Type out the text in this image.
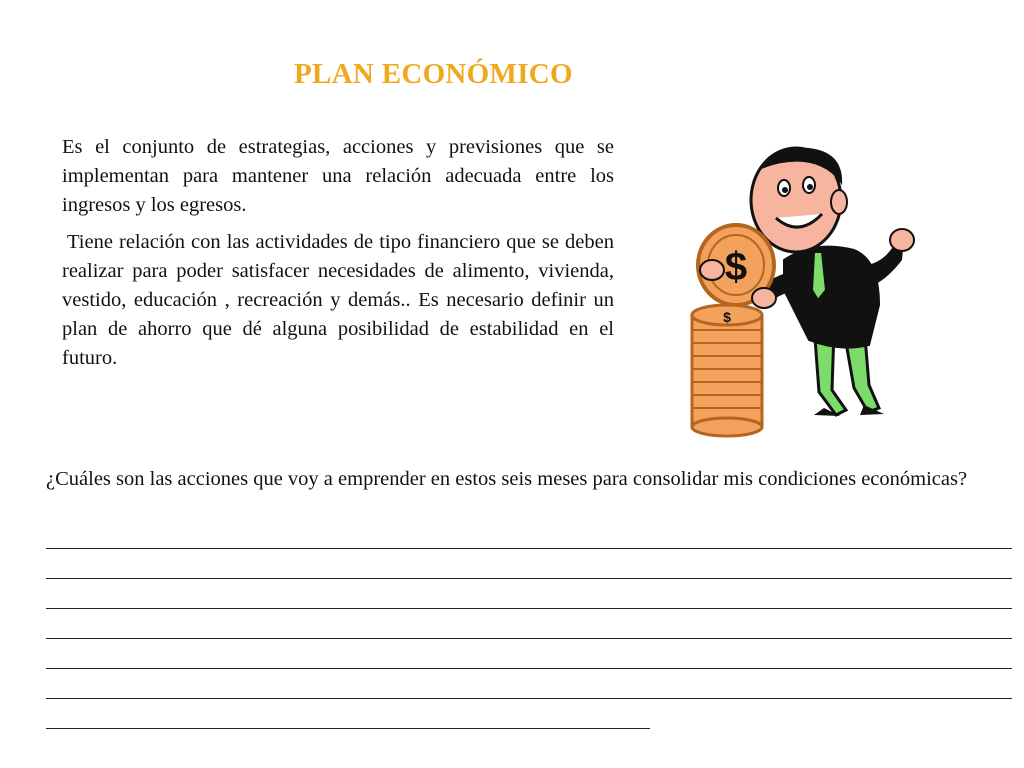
PLAN ECONÓMICO

Es el conjunto de estrategias, acciones y previsiones que se implementan para mantener una relación adecuada entre los ingresos y los egresos.

Tiene relación con las actividades de tipo financiero que se deben realizar para poder satisfacer necesidades de alimento, vivienda, vestido, educación , recreación y demás.. Es necesario definir un plan de ahorro que dé alguna posibilidad de estabilidad en el futuro.

$
$

¿Cuáles son las acciones que voy a emprender en estos seis meses para consolidar mis condiciones económicas?
